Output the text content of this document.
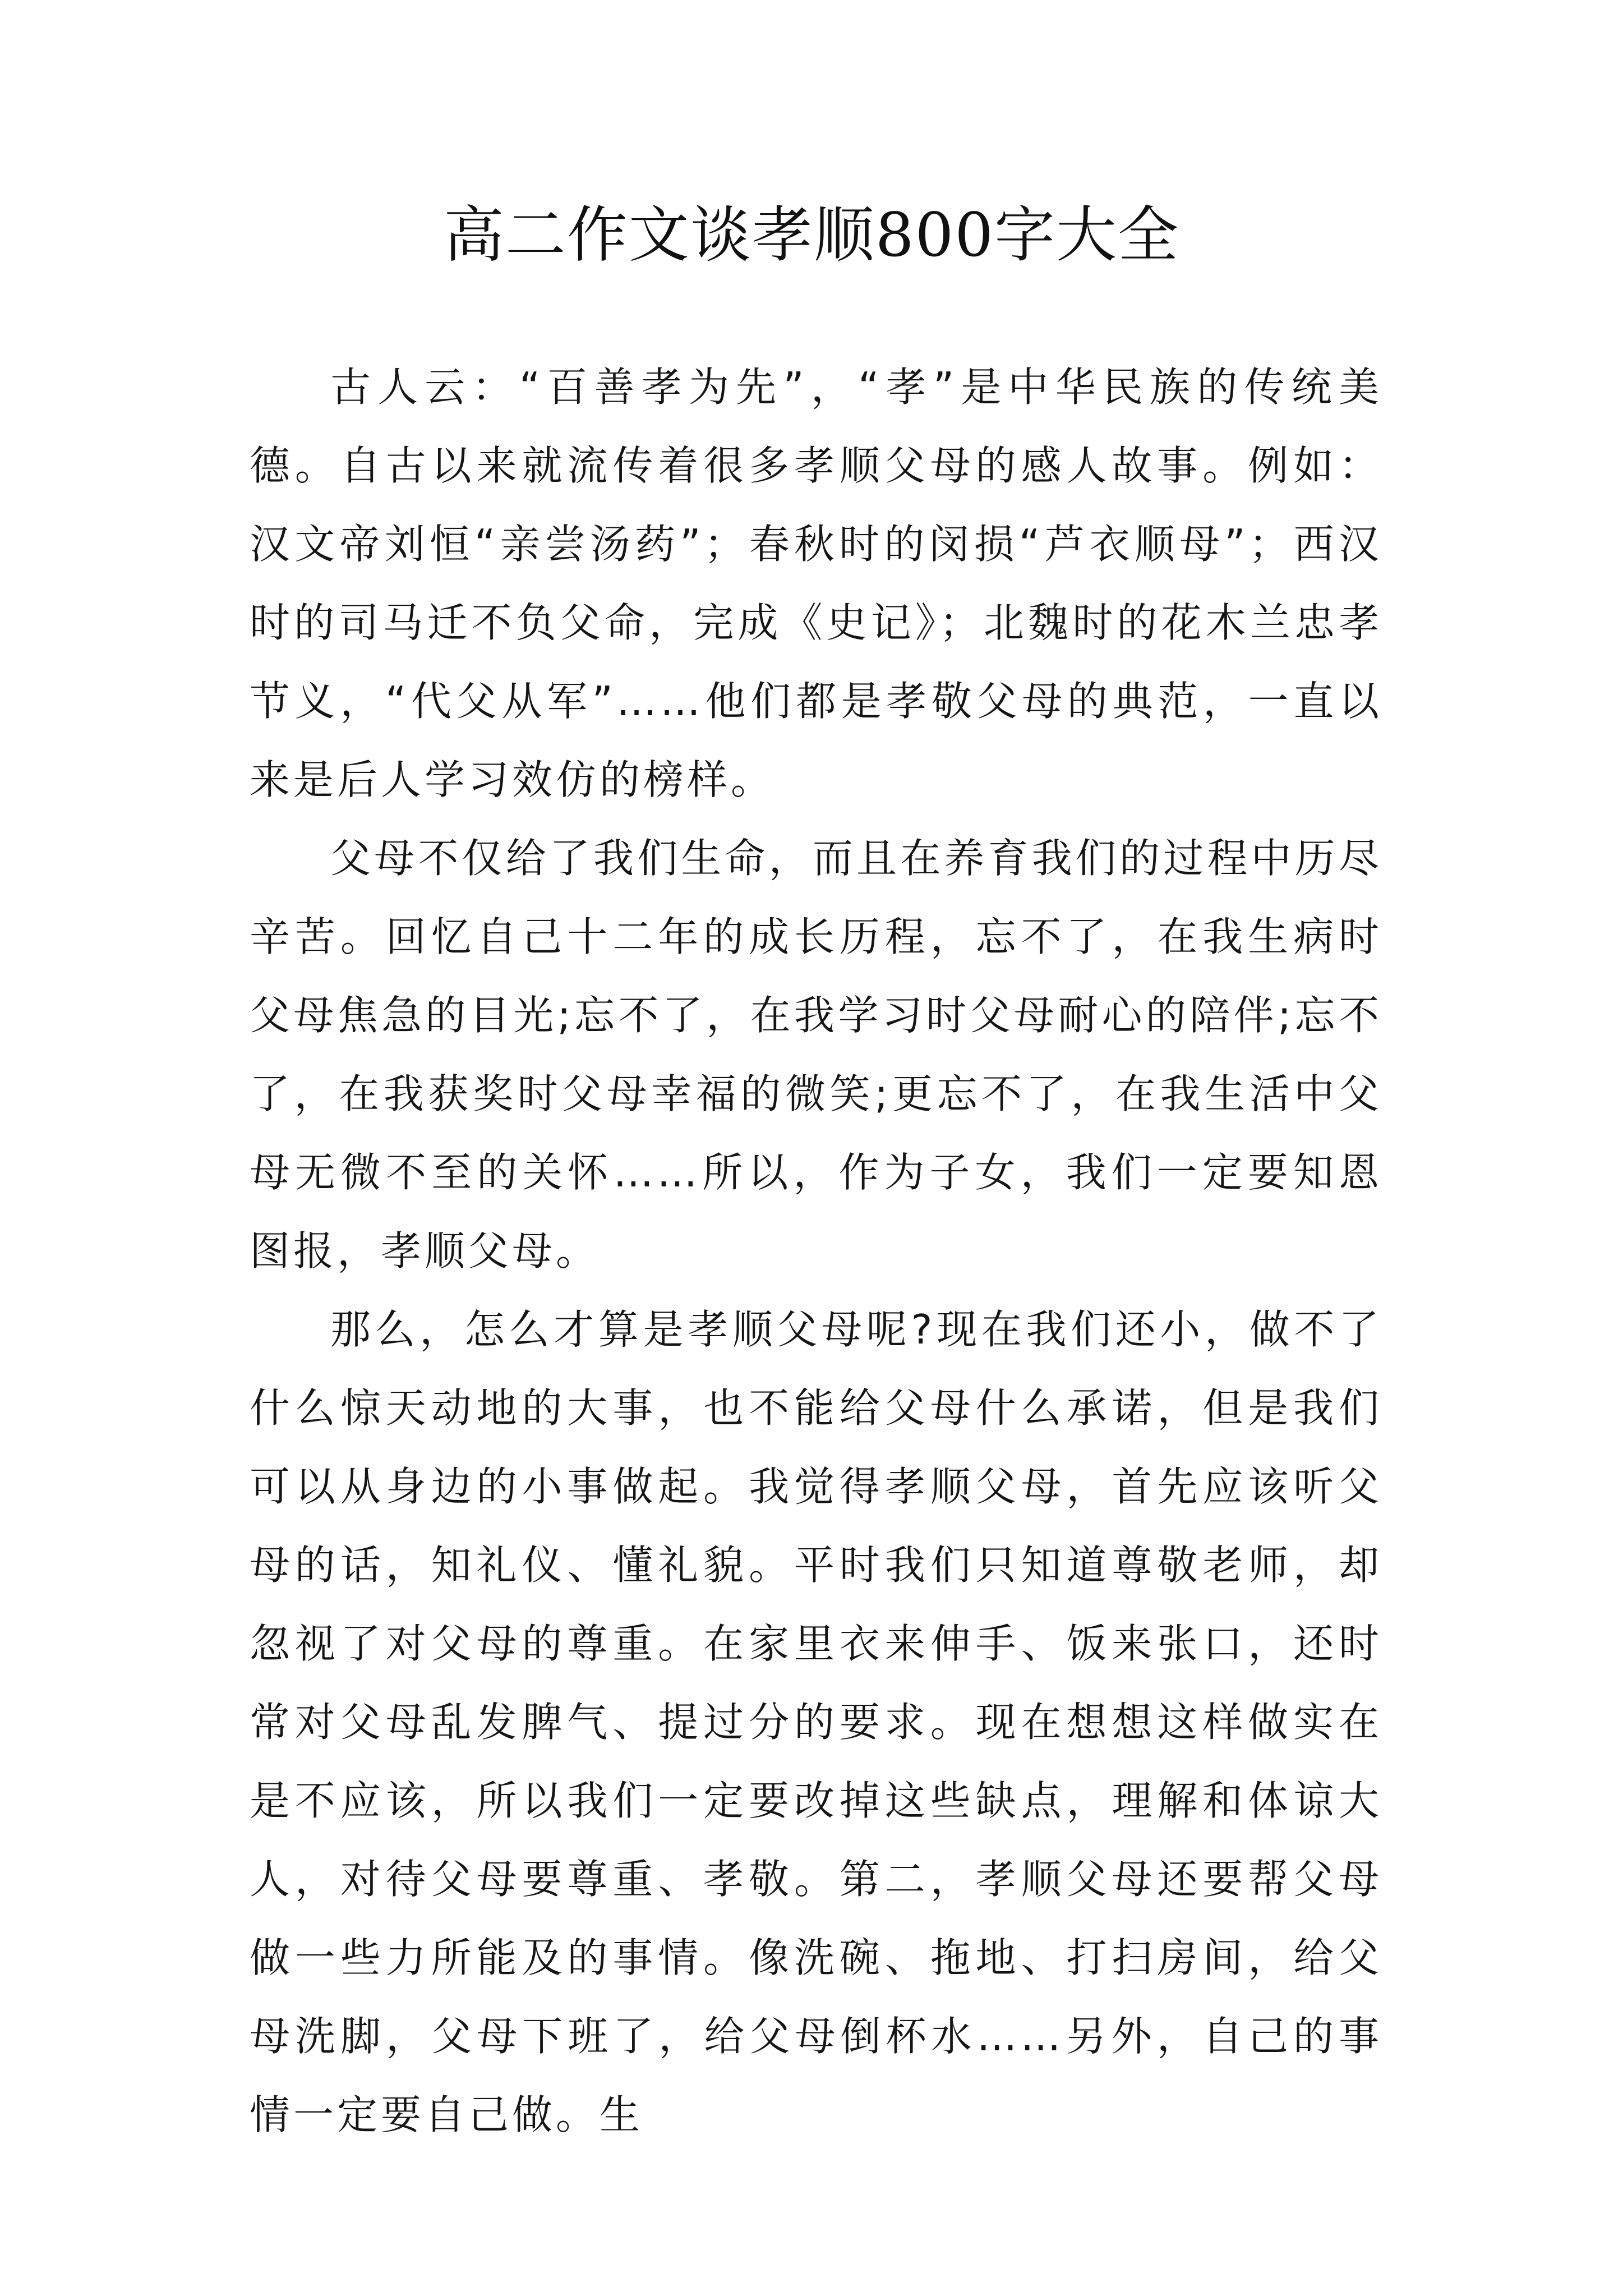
高二作文谈孝顺800字大全

古人云：“百善孝为先”，“孝”是中华民族的传统美德。自古以来就流传着很多孝顺父母的感人故事。例如：汉文帝刘恒“亲尝汤药”；春秋时的闵损“芦衣顺母”；西汉时的司马迁不负父命，完成《史记》；北魏时的花木兰忠孝节义，“代父从军”……他们都是孝敬父母的典范，一直以来是后人学习效仿的榜样。

父母不仅给了我们生命，而且在养育我们的过程中历尽辛苦。回忆自己十二年的成长历程，忘不了，在我生病时父母焦急的目光;忘不了，在我学习时父母耐心的陪伴;忘不了，在我获奖时父母幸福的微笑;更忘不了，在我生活中父母无微不至的关怀……所以，作为子女，我们一定要知恩图报，孝顺父母。

那么，怎么才算是孝顺父母呢?现在我们还小，做不了什么惊天动地的大事，也不能给父母什么承诺，但是我们可以从身边的小事做起。我觉得孝顺父母，首先应该听父母的话，知礼仪、懂礼貌。平时我们只知道尊敬老师，却忽视了对父母的尊重。在家里衣来伸手、饭来张口，还时常对父母乱发脾气、提过分的要求。现在想想这样做实在是不应该，所以我们一定要改掉这些缺点，理解和体谅大人，对待父母要尊重、孝敬。第二，孝顺父母还要帮父母做一些力所能及的事情。像洗碗、拖地、打扫房间，给父母洗脚，父母下班了，给父母倒杯水……另外，自己的事情一定要自己做。生
